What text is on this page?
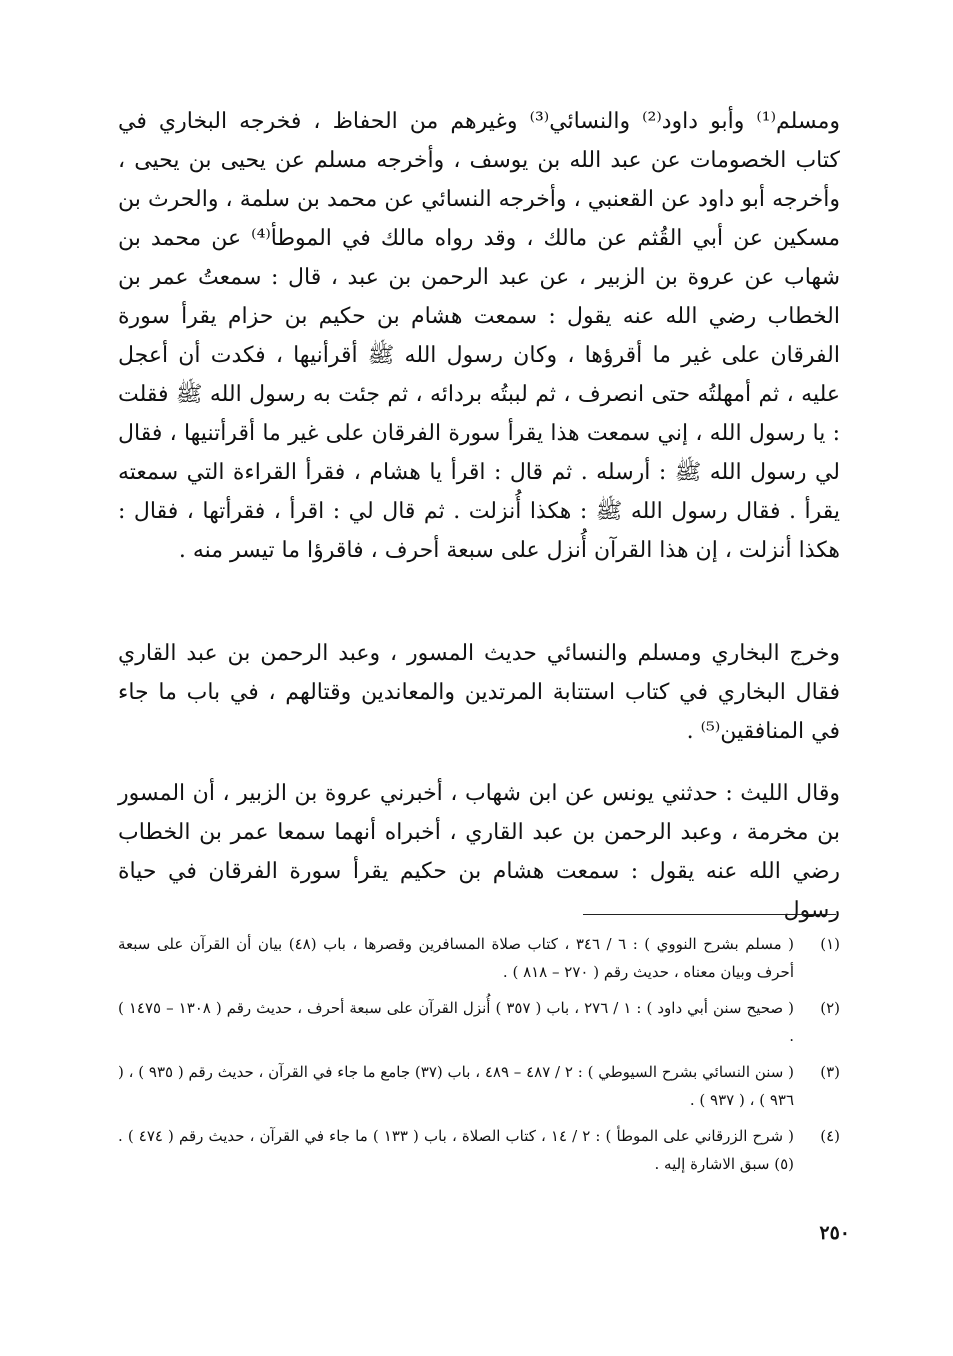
ومسلم⁽¹⁾ وأبو داود⁽²⁾ والنسائي⁽³⁾ وغيرهم من الحفاظ ، فخرجه البخاري في كتاب الخصومات عن عبد الله بن يوسف ، وأخرجه مسلم عن يحيى بن يحيى ، وأخرجه أبو داود عن القعنبي ، وأخرجه النسائي عن محمد بن سلمة ، والحرث بن مسكين عن أبي القُثم عن مالك ، وقد رواه مالك في الموطأ⁽⁴⁾ عن محمد بن شهاب عن عروة بن الزبير ، عن عبد الرحمن بن عبد ، قال : سمعتُ عمر بن الخطاب رضي الله عنه يقول : سمعت هشام بن حكيم بن حزام يقرأ سورة الفرقان على غير ما أقرؤها ، وكان رسول الله ﷺ أقرأنيها ، فكدت أن أعجل عليه ، ثم أمهلتُه حتى انصرف ، ثم لببتُه بردائه ، ثم جئت به رسول الله ﷺ فقلت : يا رسول الله ، إني سمعت هذا يقرأ سورة الفرقان على غير ما أقرأتنيها ، فقال لي رسول الله ﷺ : أرسله . ثم قال : اقرأ يا هشام ، فقرأ القراءة التي سمعته يقرأ . فقال رسول الله ﷺ : هكذا أُنزلت . ثم قال لي : اقرأ ، فقرأتها ، فقال : هكذا أنزلت ، إن هذا القرآن أُنزل على سبعة أحرف ، فاقرؤا ما تيسر منه .

وخرج البخاري ومسلم والنسائي حديث المسور ، وعبد الرحمن بن عبد القاري فقال البخاري في كتاب استتابة المرتدين والمعاندين وقتالهم ، في باب ما جاء في المنافقين⁽⁵⁾ .

وقال الليث : حدثني يونس عن ابن شهاب ، أخبرني عروة بن الزبير ، أن المسور بن مخرمة ، وعبد الرحمن بن عبد القاري ، أخبراه أنهما سمعا عمر بن الخطاب رضي الله عنه يقول : سمعت هشام بن حكيم يقرأ سورة الفرقان في حياة رسول

(١)
( مسلم بشرح النووي ) : ٦ / ٣٤٦ ، كتاب صلاة المسافرين وقصرها ، باب (٤٨) بيان أن القرآن على سبعة أحرف وبيان معناه ، حديث رقم ( ٢٧٠ – ٨١٨ ) .
(٢)
( صحيح سنن أبي داود ) : ١ / ٢٧٦ ، باب ( ٣٥٧ ) أُنزل القرآن على سبعة أحرف ، حديث رقم ( ١٣٠٨ – ١٤٧٥ ) .
(٣)
( سنن النسائي بشرح السيوطي ) : ٢ / ٤٨٧ – ٤٨٩ ، باب (٣٧) جامع ما جاء في القرآن ، حديث رقم ( ٩٣٥ ) ، ( ٩٣٦ ) ، ( ٩٣٧ ) .
(٤)
( شرح الزرقاني على الموطأ ) : ٢ / ١٤ ، كتاب الصلاة ، باب ( ١٣٣ ) ما جاء في القرآن ، حديث رقم ( ٤٧٤ ) . (٥) سبق الاشارة إليه .
٢٥٠
